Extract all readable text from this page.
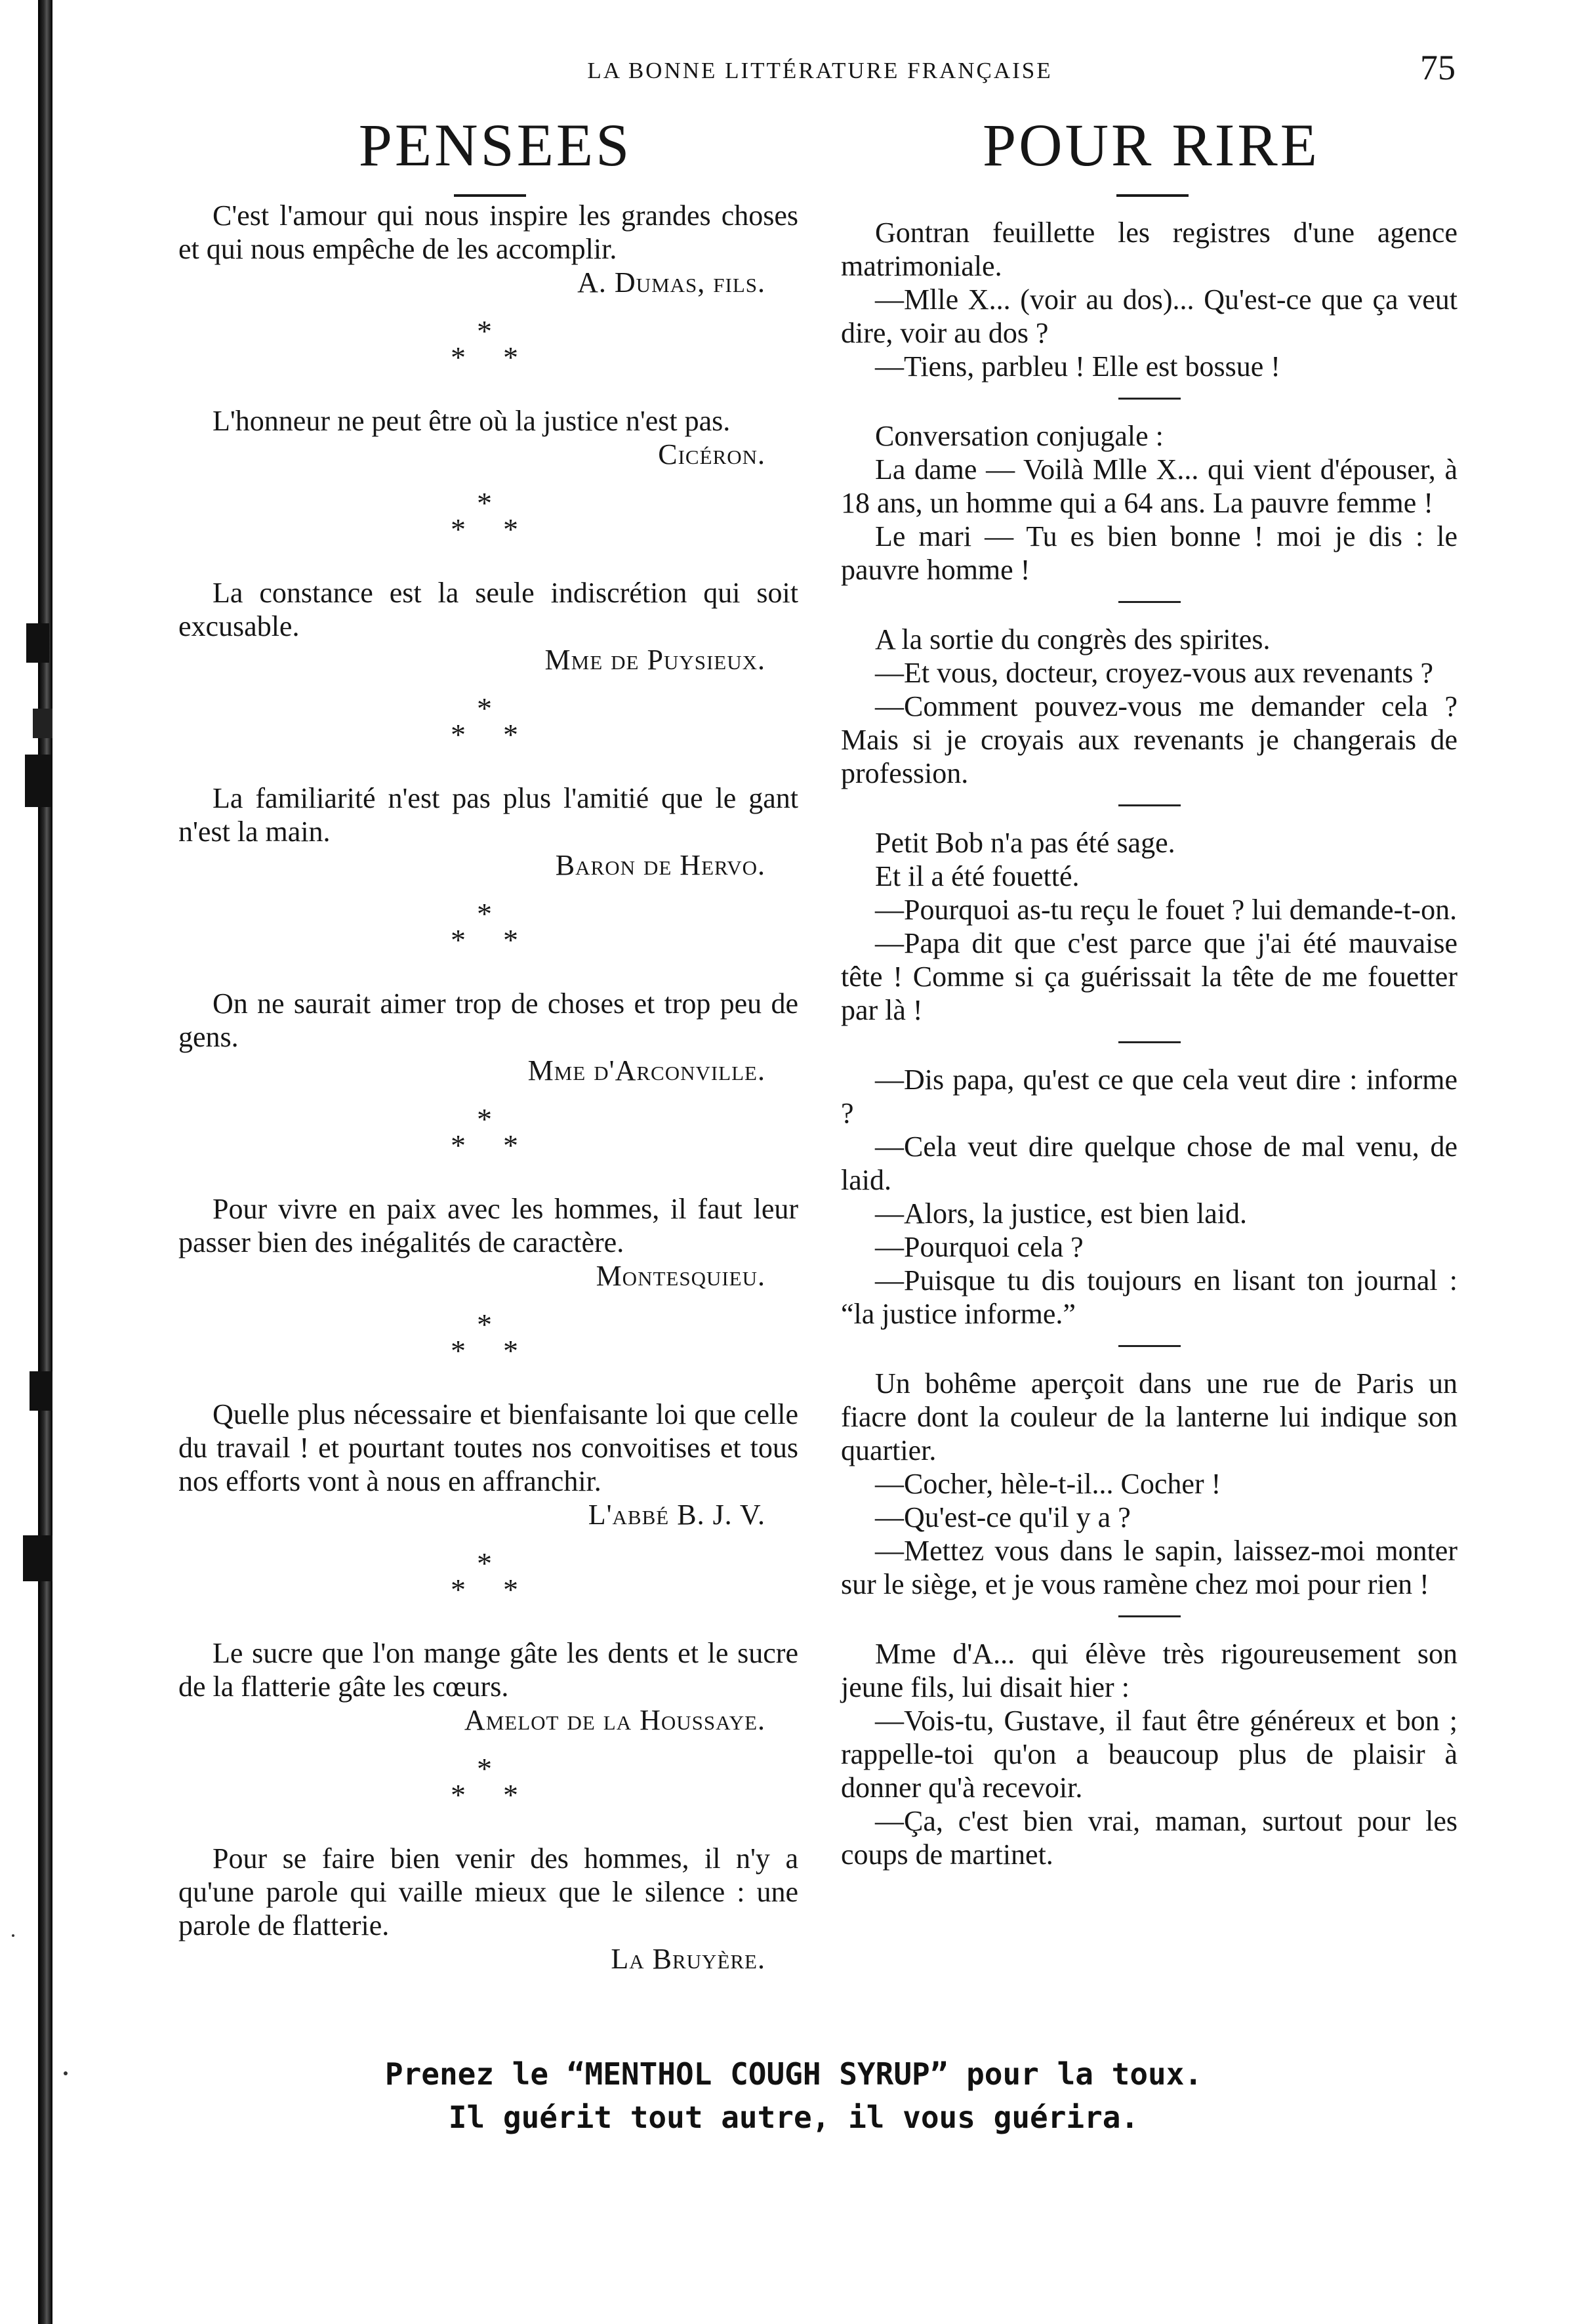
LA BONNE LITTÉRATURE FRANÇAISE	75
PENSEES	POUR RIRE

C'est l'amour qui nous inspire les grandes choses et qui nous empêche de les accomplir.

A. Dumas, fils.

*
* *

L'honneur ne peut être où la justice n'est pas.

Cicéron.

*
* *

La constance est la seule indiscrétion qui soit excusable.

Mme de Puysieux.

*
* *

La familiarité n'est pas plus l'amitié que le gant n'est la main.

Baron de Hervo.

*
* *

On ne saurait aimer trop de choses et trop peu de gens.

Mme d'Arconville.

*
* *

Pour vivre en paix avec les hommes, il faut leur passer bien des inégalités de caractère.

Montesquieu.

*
* *

Quelle plus nécessaire et bienfaisante loi que celle du travail ! et pourtant toutes nos convoitises et tous nos efforts vont à nous en affranchir.

L'abbé B. J. V.

*
* *

Le sucre que l'on mange gâte les dents et le sucre de la flatterie gâte les cœurs.

Amelot de la Houssaye.

*
* *

Pour se faire bien venir des hommes, il n'y a qu'une parole qui vaille mieux que le silence : une parole de flatterie.

La Bruyère.

Gontran feuillette les registres d'une agence matrimoniale.

—Mlle X... (voir au dos)... Qu'est-ce que ça veut dire, voir au dos ?

—Tiens, parbleu ! Elle est bossue !

Conversation conjugale :

La dame — Voilà Mlle X... qui vient d'épouser, à 18 ans, un homme qui a 64 ans. La pauvre femme !

Le mari — Tu es bien bonne ! moi je dis : le pauvre homme !

A la sortie du congrès des spirites.

—Et vous, docteur, croyez-vous aux revenants ?

—Comment pouvez-vous me demander cela ? Mais si je croyais aux revenants je changerais de profession.

Petit Bob n'a pas été sage.

Et il a été fouetté.

—Pourquoi as-tu reçu le fouet ? lui demande-t-on.

—Papa dit que c'est parce que j'ai été mauvaise tête ! Comme si ça guérissait la tête de me fouetter par là !

—Dis papa, qu'est ce que cela veut dire : informe ?

—Cela veut dire quelque chose de mal venu, de laid.

—Alors, la justice, est bien laid.

—Pourquoi cela ?

—Puisque tu dis toujours en lisant ton journal : “la justice informe.”

Un bohême aperçoit dans une rue de Paris un fiacre dont la couleur de la lanterne lui indique son quartier.

—Cocher, hèle-t-il... Cocher !

—Qu'est-ce qu'il y a ?

—Mettez vous dans le sapin, laissez-moi monter sur le siège, et je vous ramène chez moi pour rien !

Mme d'A... qui élève très rigoureusement son jeune fils, lui disait hier :

—Vois-tu, Gustave, il faut être généreux et bon ; rappelle-toi qu'on a beaucoup plus de plaisir à donner qu'à recevoir.

—Ça, c'est bien vrai, maman, surtout pour les coups de martinet.

Prenez le “MENTHOL COUGH SYRUP” pour la toux.

Il guérit tout autre, il vous guérira.
